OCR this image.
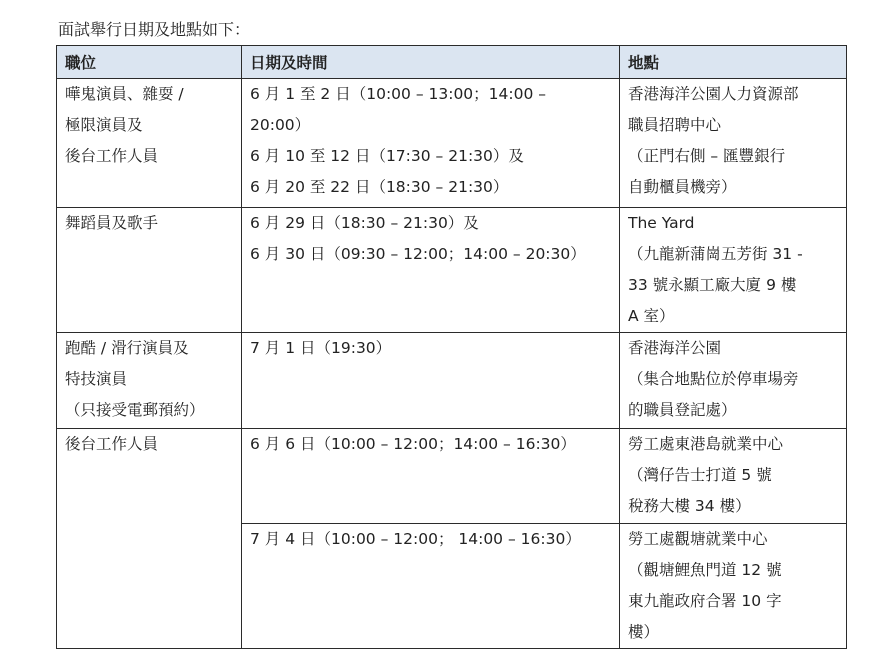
面試舉行日期及地點如下：
職位	日期及時間	地點

嘩鬼演員、雜耍 /
極限演員及
後台工作人員	6 月 1 至 2 日（10:00 – 13:00；14:00 –
20:00）
6 月 10 至 12 日（17:30 – 21:30）及
6 月 20 至 22 日（18:30 – 21:30）	香港海洋公園人力資源部
職員招聘中心
（正門右側 – 匯豐銀行
自動櫃員機旁）

舞蹈員及歌手	6 月 29 日（18:30 – 21:30）及
6 月 30 日（09:30 – 12:00；14:00 – 20:30）	The Yard
（九龍新蒲崗五芳街 31 -
33 號永顯工廠大廈 9 樓
A 室）

跑酷 / 滑行演員及
特技演員
（只接受電郵預約）	7 月 1 日（19:30）	香港海洋公園
（集合地點位於停車場旁
的職員登記處）

後台工作人員	6 月 6 日（10:00 – 12:00；14:00 – 16:30）	勞工處東港島就業中心
（灣仔告士打道 5 號
稅務大樓 34 樓）

	7 月 4 日（10:00 – 12:00； 14:00 – 16:30）	勞工處觀塘就業中心
（觀塘鯉魚門道 12 號
東九龍政府合署 10 字
樓）
